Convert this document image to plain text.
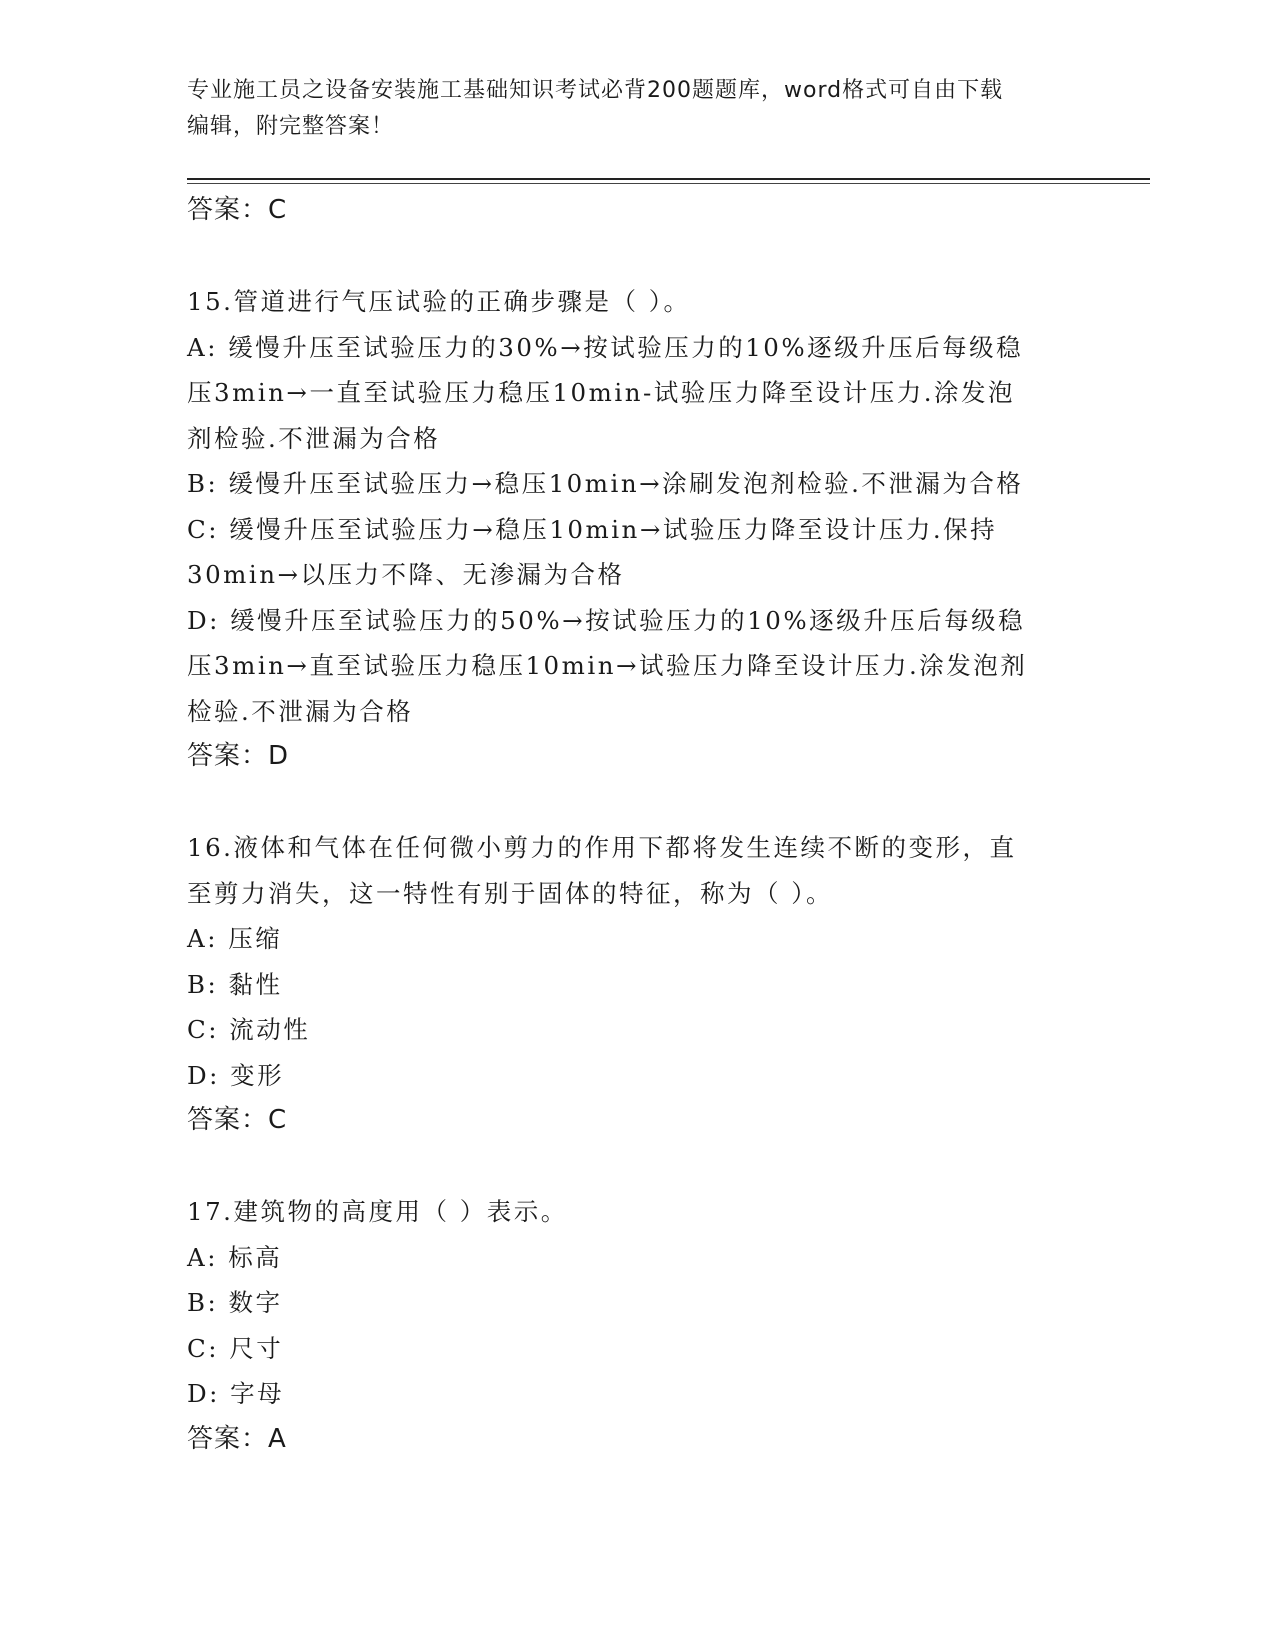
专业施工员之设备安装施工基础知识考试必背200题题库，word格式可自由下载
编辑，附完整答案！
答案：C
15.管道进行气压试验的正确步骤是（ ）。
A: 缓慢升压至试验压力的30%→按试验压力的10%逐级升压后每级稳
压3min→一直至试验压力稳压10min-试验压力降至设计压力.涂发泡
剂检验.不泄漏为合格
B: 缓慢升压至试验压力→稳压10min→涂刷发泡剂检验.不泄漏为合格
C: 缓慢升压至试验压力→稳压10min→试验压力降至设计压力.保持
30min→以压力不降、无渗漏为合格
D: 缓慢升压至试验压力的50%→按试验压力的10%逐级升压后每级稳
压3min→直至试验压力稳压10min→试验压力降至设计压力.涂发泡剂
检验.不泄漏为合格
答案：D
16.液体和气体在任何微小剪力的作用下都将发生连续不断的变形，直
至剪力消失，这一特性有别于固体的特征，称为（ ）。
A: 压缩
B: 黏性
C: 流动性
D: 变形
答案：C
17.建筑物的高度用（ ）表示。
A: 标高
B: 数字
C: 尺寸
D: 字母
答案：A
